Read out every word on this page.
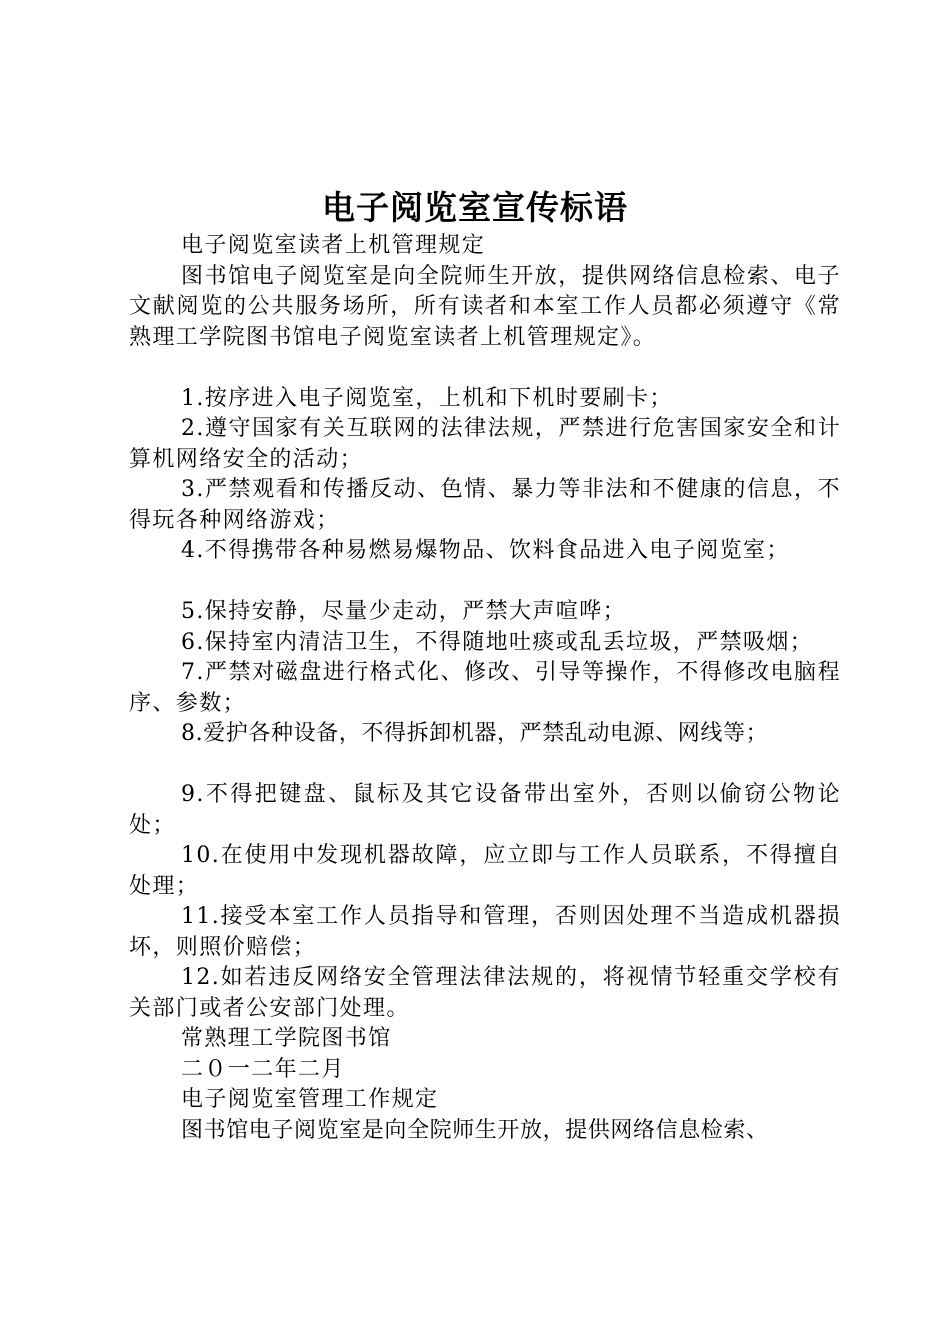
电子阅览室宣传标语

电子阅览室读者上机管理规定

图书馆电子阅览室是向全院师生开放，提供网络信息检索、电子文献阅览的公共服务场所，所有读者和本室工作人员都必须遵守《常熟理工学院图书馆电子阅览室读者上机管理规定》。

1.按序进入电子阅览室，上机和下机时要刷卡；

2.遵守国家有关互联网的法律法规，严禁进行危害国家安全和计算机网络安全的活动；

3.严禁观看和传播反动、色情、暴力等非法和不健康的信息，不得玩各种网络游戏；

4.不得携带各种易燃易爆物品、饮料食品进入电子阅览室；

5.保持安静，尽量少走动，严禁大声喧哗；

6.保持室内清洁卫生，不得随地吐痰或乱丢垃圾，严禁吸烟；

7.严禁对磁盘进行格式化、修改、引导等操作，不得修改电脑程序、参数；

8.爱护各种设备，不得拆卸机器，严禁乱动电源、网线等；

9.不得把键盘、鼠标及其它设备带出室外，否则以偷窃公物论处；

10.在使用中发现机器故障，应立即与工作人员联系，不得擅自处理；

11.接受本室工作人员指导和管理，否则因处理不当造成机器损坏，则照价赔偿；

12.如若违反网络安全管理法律法规的，将视情节轻重交学校有关部门或者公安部门处理。

常熟理工学院图书馆

二０一二年二月

电子阅览室管理工作规定

图书馆电子阅览室是向全院师生开放，提供网络信息检索、
